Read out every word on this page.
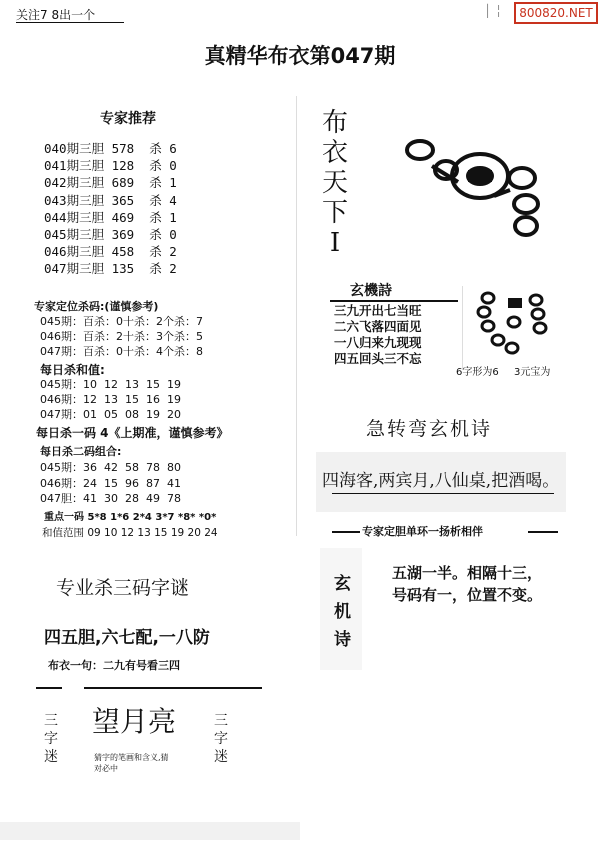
关注7 8出一个	│ ╎	800820.NET
真精华布衣第047期
专家推荐
040期三胆 578  杀 6
041期三胆 128  杀 0
042期三胆 689  杀 1
043期三胆 365  杀 4
044期三胆 469  杀 1
045期三胆 369  杀 0
046期三胆 458  杀 2
047期三胆 135  杀 2
专家定位杀码:(谨慎参考)
045期：百杀：0十杀：2个杀：7
046期：百杀：2十杀：3个杀：5
047期：百杀：0十杀：4个杀：8
每日杀和值:
045期：10  12  13  15  19
046期：12  13  15  16  19
047期：01  05  08  19  20
每日杀一码 4《上期准，谨慎参考》
每日杀二码组合:
045期：36  42  58  78  80
046期：24  15  96  87  41
047胆：41  30  28  49  78
重点一码 5*8 1*6 2*4 3*7 *8* *0*
和值范围 09 10 12 13 15 19 20 24
专业杀三码字谜
四五胆,六七配,一八防
布衣一句：二九有号看三四
三
字
迷
望月亮	三
字
迷
猜字的笔画和含义,猜
对必中
布
衣
天
下
I
玄機詩
三九开出七当旺
二六飞落四面见
一八归来九现现
四五回头三不忘
6字形为6 3元宝为
急转弯玄机诗
四海客,两宾月,八仙桌,把酒喝。
专家定胆单环一扬析相伴
玄
机
诗
五湖一半。相隔十三，
号码有一，位置不变。
